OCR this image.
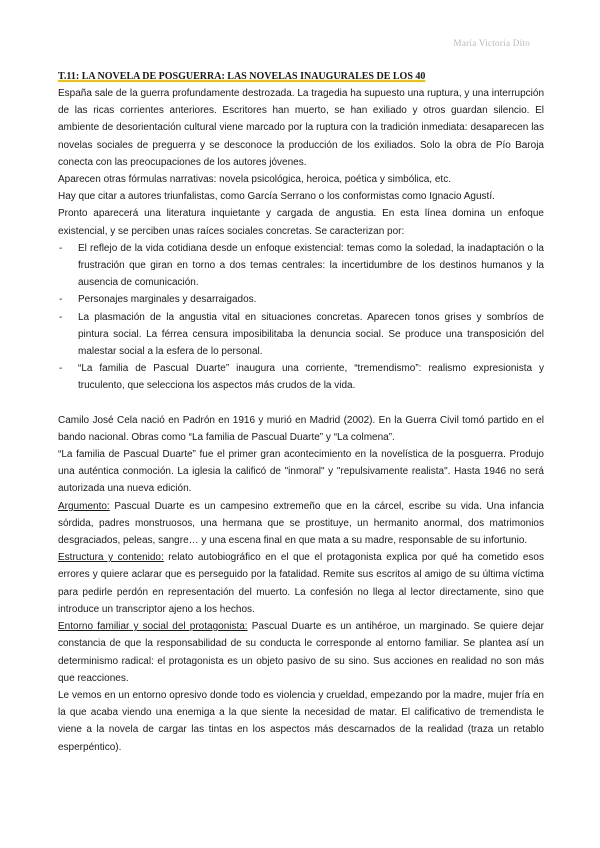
María Victoria Dito
T.11: LA NOVELA DE POSGUERRA: LAS NOVELAS INAUGURALES DE LOS 40

España sale de la guerra profundamente destrozada. La tragedia ha supuesto una ruptura, y una interrupción de las ricas corrientes anteriores. Escritores han muerto, se han exiliado y otros guardan silencio. El ambiente de desorientación cultural viene marcado por la ruptura con la tradición inmediata: desaparecen las novelas sociales de preguerra y se desconoce la producción de los exiliados. Solo la obra de Pío Baroja conecta con las preocupaciones de los autores jóvenes.

Aparecen otras fórmulas narrativas: novela psicológica, heroica, poética y simbólica, etc.

Hay que citar a autores triunfalistas, como García Serrano o los conformistas como Ignacio Agustí.

Pronto aparecerá una literatura inquietante y cargada de angustia. En esta línea domina un enfoque existencial, y se perciben unas raíces sociales concretas. Se caracterizan por:

- El reflejo de la vida cotidiana desde un enfoque existencial: temas como la soledad, la inadaptación o la frustración que giran en torno a dos temas centrales: la incertidumbre de los destinos humanos y la ausencia de comunicación.
- Personajes marginales y desarraigados.
- La plasmación de la angustia vital en situaciones concretas. Aparecen tonos grises y sombríos de pintura social. La férrea censura imposibilitaba la denuncia social. Se produce una transposición del malestar social a la esfera de lo personal.
- “La familia de Pascual Duarte” inaugura una corriente, “tremendismo”: realismo expresionista y truculento, que selecciona los aspectos más crudos de la vida.

Camilo José Cela nació en Padrón en 1916 y murió en Madrid (2002). En la Guerra Civil tomó partido en el bando nacional. Obras como “La familia de Pascual Duarte” y “La colmena”.

“La familia de Pascual Duarte” fue el primer gran acontecimiento en la novelística de la posguerra. Produjo una auténtica conmoción. La iglesia la calificó de "inmoral" y "repulsivamente realista". Hasta 1946 no será autorizada una nueva edición.

Argumento: Pascual Duarte es un campesino extremeño que en la cárcel, escribe su vida. Una infancia sórdida, padres monstruosos, una hermana que se prostituye, un hermanito anormal, dos matrimonios desgraciados, peleas, sangre… y una escena final en que mata a su madre, responsable de su infortunio.

Estructura y contenido: relato autobiográfico en el que el protagonista explica por qué ha cometido esos errores y quiere aclarar que es perseguido por la fatalidad. Remite sus escritos al amigo de su última víctima para pedirle perdón en representación del muerto. La confesión no llega al lector directamente, sino que introduce un transcriptor ajeno a los hechos.

Entorno familiar y social del protagonista: Pascual Duarte es un antihéroe, un marginado. Se quiere dejar constancia de que la responsabilidad de su conducta le corresponde al entorno familiar. Se plantea así un determinismo radical: el protagonista es un objeto pasivo de su sino. Sus acciones en realidad no son más que reacciones.

Le vemos en un entorno opresivo donde todo es violencia y crueldad, empezando por la madre, mujer fría en la que acaba viendo una enemiga a la que siente la necesidad de matar. El calificativo de tremendista le viene a la novela de cargar las tintas en los aspectos más descarnados de la realidad (traza un retablo esperpéntico).
